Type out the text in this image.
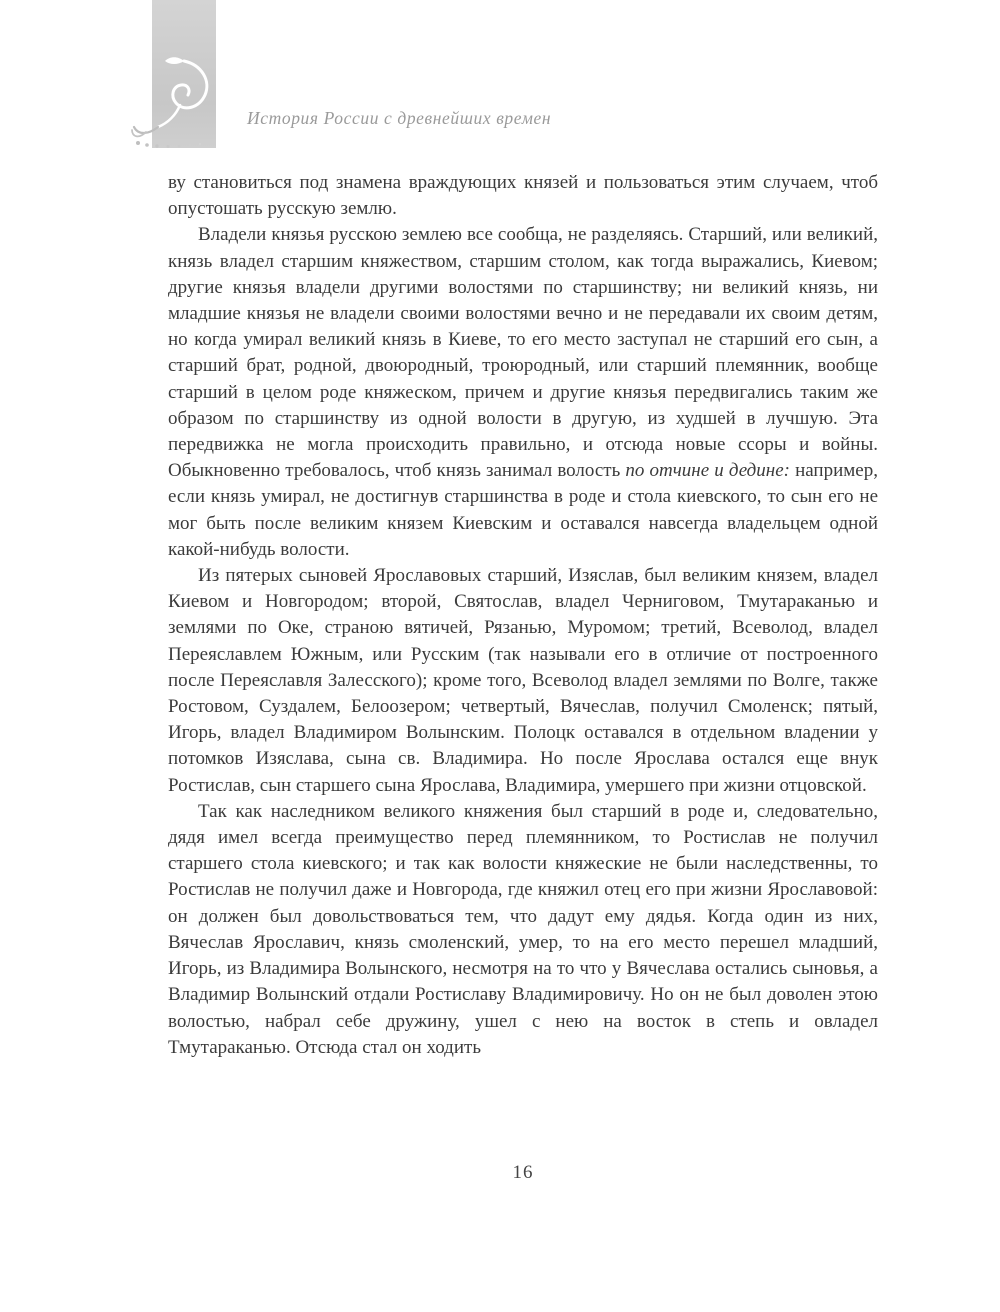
История России с древнейших времен

ву становиться под знамена враждующих князей и пользоваться этим случаем, чтоб опустошать русскую землю.

Владели князья русскою землею все сообща, не разделяясь. Старший, или великий, князь владел старшим княжеством, старшим столом, как тогда выражались, Киевом; другие князья владели другими волостями по старшинству; ни великий князь, ни младшие князья не владели своими волостями вечно и не передавали их своим детям, но когда умирал великий князь в Киеве, то его место заступал не старший его сын, а старший брат, родной, двоюродный, троюродный, или старший племянник, вообще старший в целом роде княжеском, причем и другие князья передвигались таким же образом по старшинству из одной волости в другую, из худшей в лучшую. Эта передвижка не могла происходить правильно, и отсюда новые ссоры и войны. Обыкновенно требовалось, чтоб князь занимал волость по отчине и дедине: например, если князь умирал, не достигнув старшинства в роде и стола киевского, то сын его не мог быть после великим князем Киевским и оставался навсегда владельцем одной какой-нибудь волости.

Из пятерых сыновей Ярославовых старший, Изяслав, был великим князем, владел Киевом и Новгородом; второй, Святослав, владел Черниговом, Тмутараканью и землями по Оке, страною вятичей, Рязанью, Муромом; третий, Всеволод, владел Переяславлем Южным, или Русским (так называли его в отличие от построенного после Переяславля Залесского); кроме того, Всеволод владел землями по Волге, также Ростовом, Суздалем, Белоозером; четвертый, Вячеслав, получил Смоленск; пятый, Игорь, владел Владимиром Волынским. Полоцк оставался в отдельном владении у потомков Изяслава, сына св. Владимира. Но после Ярослава остался еще внук Ростислав, сын старшего сына Ярослава, Владимира, умершего при жизни отцовской.

Так как наследником великого княжения был старший в роде и, следовательно, дядя имел всегда преимущество перед племянником, то Ростислав не получил старшего стола киевского; и так как волости княжеские не были наследственны, то Ростислав не получил даже и Новгорода, где княжил отец его при жизни Ярославовой: он должен был довольствоваться тем, что дадут ему дядья. Когда один из них, Вячеслав Ярославич, князь смоленский, умер, то на его место перешел младший, Игорь, из Владимира Волынского, несмотря на то что у Вячеслава остались сыновья, а Владимир Волынский отдали Ростиславу Владимировичу. Но он не был доволен этою волостью, набрал себе дружину, ушел с нею на восток в степь и овладел Тмутараканью. Отсюда стал он ходить

16
